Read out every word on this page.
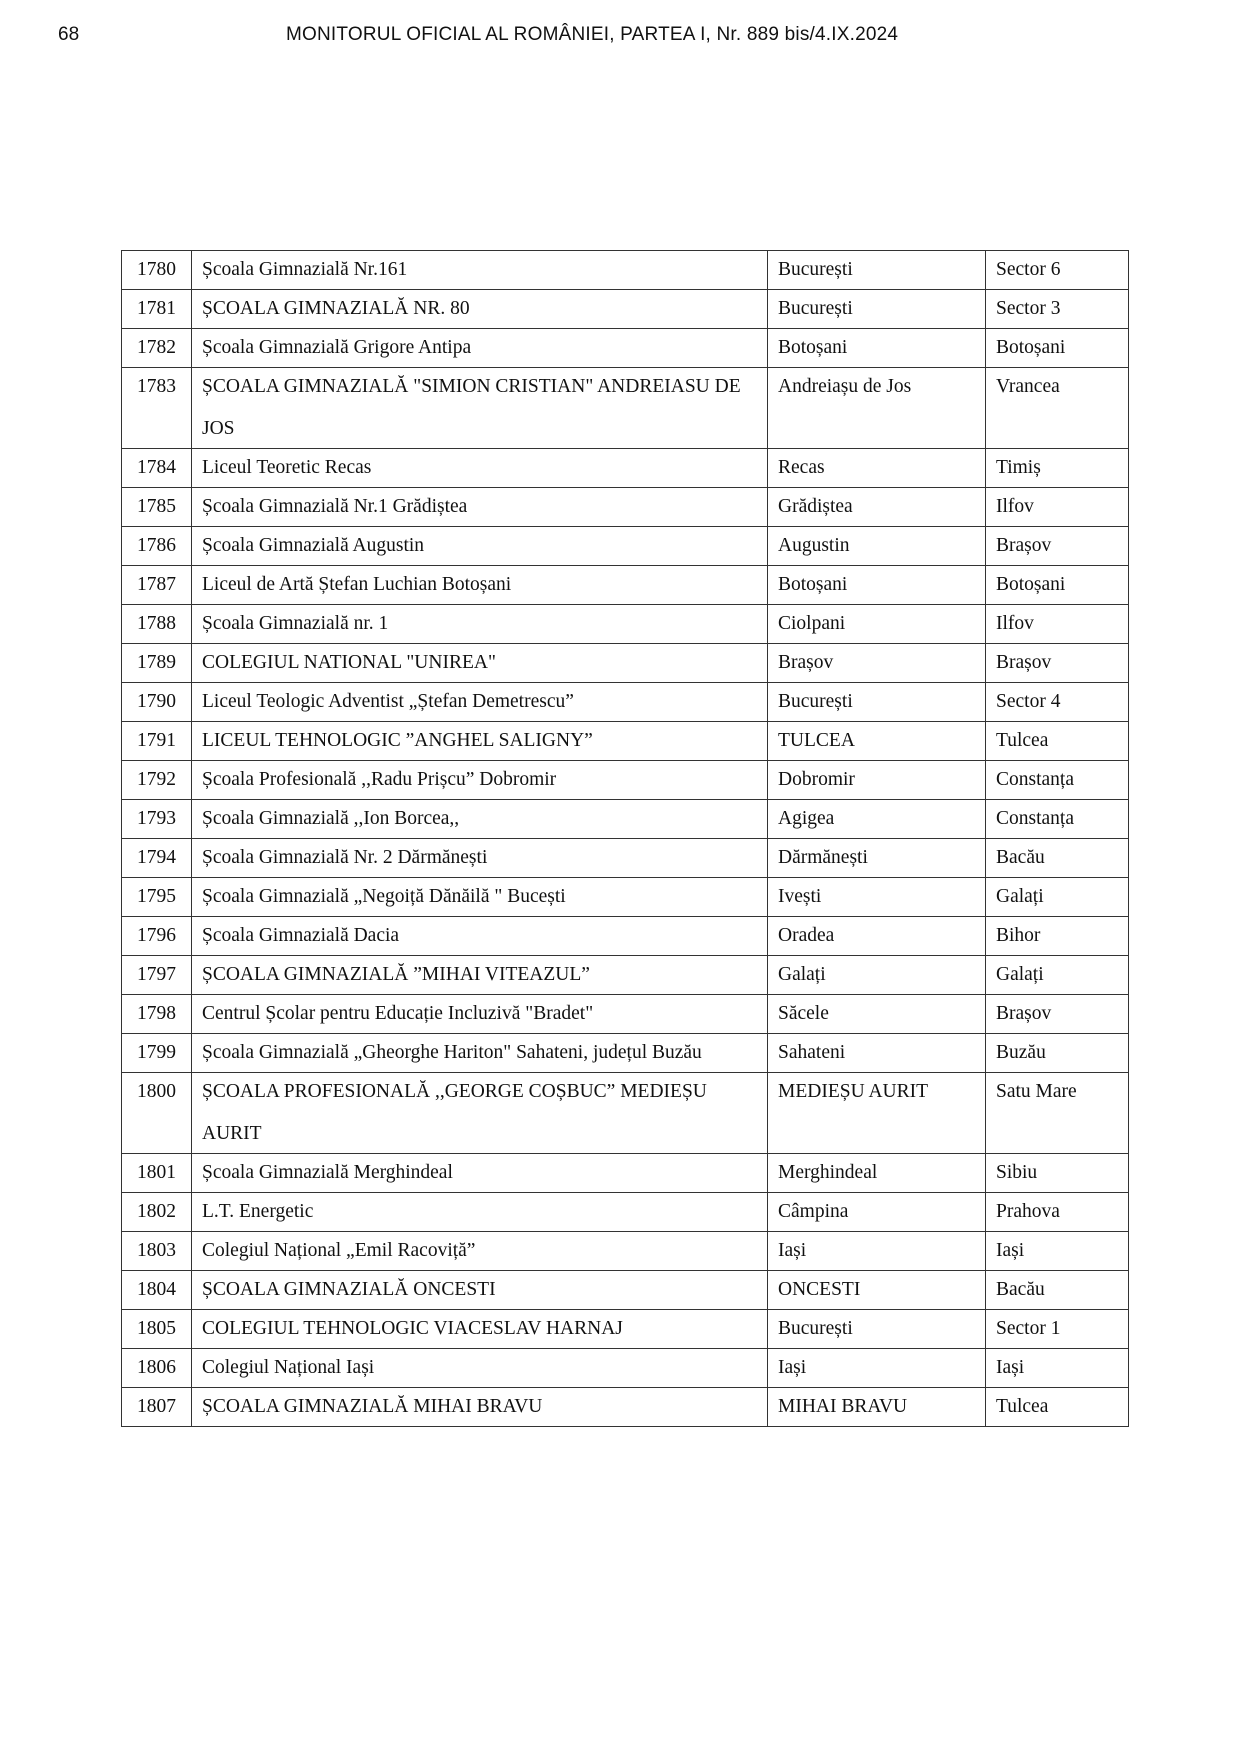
68	MONITORUL OFICIAL AL ROMÂNIEI, PARTEA I, Nr. 889 bis/4.IX.2024
1780	Școala Gimnazială Nr.161	București	Sector 6

1781	ȘCOALA GIMNAZIALĂ NR. 80	București	Sector 3

1782	Școala Gimnazială Grigore Antipa	Botoșani	Botoșani

1783	ȘCOALA GIMNAZIALĂ "SIMION CRISTIAN" ANDREIASU DE JOS	Andreiașu de Jos	Vrancea

1784	Liceul Teoretic Recas	Recas	Timiș

1785	Școala Gimnazială Nr.1 Grădiștea	Grădiștea	Ilfov

1786	Școala Gimnazială Augustin	Augustin	Brașov

1787	Liceul de Artă Ștefan Luchian Botoșani	Botoșani	Botoșani

1788	Școala Gimnazială nr. 1	Ciolpani	Ilfov

1789	COLEGIUL NATIONAL "UNIREA"	Brașov	Brașov

1790	Liceul Teologic Adventist „Ștefan Demetrescu”	București	Sector 4

1791	LICEUL TEHNOLOGIC ”ANGHEL SALIGNY”	TULCEA	Tulcea

1792	Școala Profesională ,,Radu Prișcu” Dobromir	Dobromir	Constanța

1793	Școala Gimnazială ,,Ion Borcea,,	Agigea	Constanța

1794	Școala Gimnazială Nr. 2 Dărmănești	Dărmănești	Bacău

1795	Școala Gimnazială „Negoiță Dănăilă " Bucești	Ivești	Galați

1796	Școala Gimnazială Dacia	Oradea	Bihor

1797	ȘCOALA GIMNAZIALĂ ”MIHAI VITEAZUL”	Galați	Galați

1798	Centrul Școlar pentru Educație Incluzivă "Bradet"	Săcele	Brașov

1799	Școala Gimnazială „Gheorghe Hariton" Sahateni, județul Buzău	Sahateni	Buzău

1800	ȘCOALA PROFESIONALĂ ,,GEORGE COȘBUC” MEDIEȘU AURIT	MEDIEȘU AURIT	Satu Mare

1801	Școala Gimnazială Merghindeal	Merghindeal	Sibiu

1802	L.T. Energetic	Câmpina	Prahova

1803	Colegiul Național „Emil Racoviță”	Iași	Iași

1804	ȘCOALA GIMNAZIALĂ ONCESTI	ONCESTI	Bacău

1805	COLEGIUL TEHNOLOGIC VIACESLAV HARNAJ	București	Sector 1

1806	Colegiul Național Iași	Iași	Iași

1807	ȘCOALA GIMNAZIALĂ MIHAI BRAVU	MIHAI BRAVU	Tulcea
